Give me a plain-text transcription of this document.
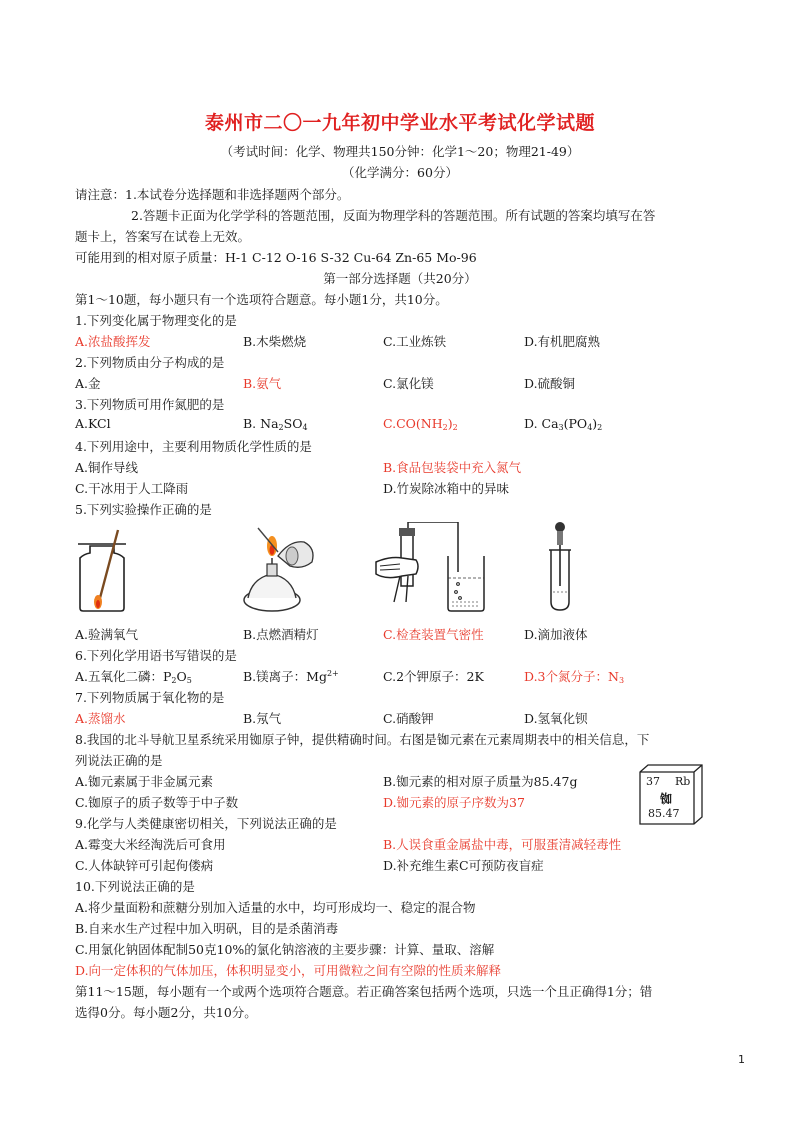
泰州市二〇一九年初中学业水平考试化学试题
（考试时间：化学、物理共150分钟：化学1～20；物理21-49）
（化学满分：60分）
请注意：1.本试卷分选择题和非选择题两个部分。
2.答题卡正面为化学学科的答题范围，反面为物理学科的答题范围。所有试题的答案均填写在答
题卡上，答案写在试卷上无效。
可能用到的相对原子质量：H-1 C-12 O-16 S-32 Cu-64 Zn-65 Mo-96
第一部分选择题（共20分）
第1～10题，每小题只有一个选项符合题意。每小题1分，共10分。
1.下列变化属于物理变化的是
A.浓盐酸挥发	B.木柴燃烧	C.工业炼铁	D.有机肥腐熟
2.下列物质由分子构成的是
A.金	B.氨气	C.氯化镁	D.硫酸铜
3.下列物质可用作氮肥的是
A.KCl	B. $Na_2SO_4$	$C.CO(NH_2)_2$	D. $Ca_3(PO_4)_2$
4.下列用途中，主要利用物质化学性质的是
A.铜作导线	B.食品包装袋中充入氮气
C.干冰用于人工降雨	D.竹炭除冰箱中的异味
5.下列实验操作正确的是
A.验满氧气	B.点燃酒精灯	C.检查装置气密性	D.滴加液体
6.下列化学用语书写错误的是
A.五氧化二磷：$P_2O_5$	B.镁离子：$Mg^{2+}$	C.2个钾原子：2K	D.3个氮分子：$N_3$
7.下列物质属于氧化物的是
A.蒸馏水	B.氖气	C.硝酸钾	D.氢氧化钡
8.我国的北斗导航卫星系统采用铷原子钟，提供精确时间。右图是铷元素在元素周期表中的相关信息，下
列说法正确的是
A.铷元素属于非金属元素	B.铷元素的相对原子质量为85.47g
C.铷原子的质子数等于中子数	D.铷元素的原子序数为37
37 Rb
铷
85.47
9.化学与人类健康密切相关，下列说法正确的是
A.霉变大米经淘洗后可食用	B.人误食重金属盐中毒，可服蛋清减轻毒性
C.人体缺锌可引起佝偻病	D.补充维生素C可预防夜盲症
10.下列说法正确的是
A.将少量面粉和蔗糖分别加入适量的水中，均可形成均一、稳定的混合物
B.自来水生产过程中加入明矾，目的是杀菌消毒
C.用氯化钠固体配制50克10%的氯化钠溶液的主要步骤：计算、量取、溶解
D.向一定体积的气体加压，体积明显变小，可用微粒之间有空隙的性质来解释
第11～15题，每小题有一个或两个选项符合题意。若正确答案包括两个选项，只选一个且正确得1分；错
选得0分。每小题2分，共10分。
1
